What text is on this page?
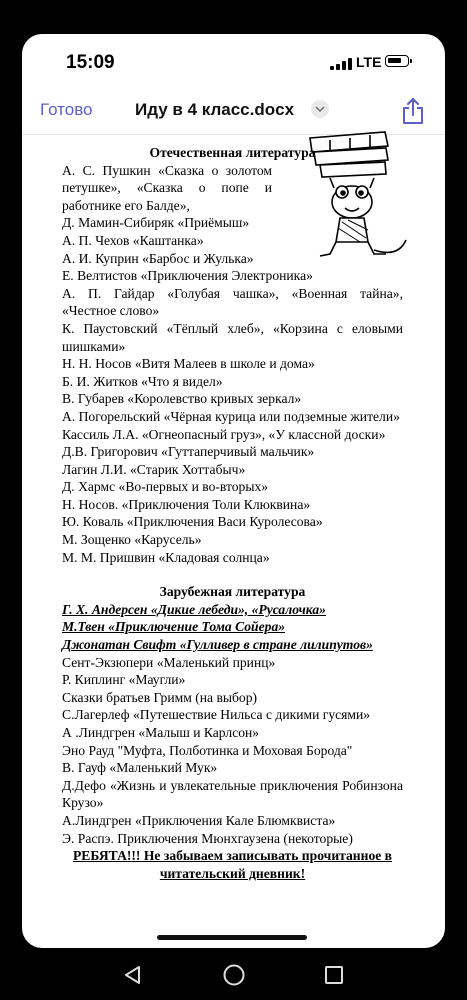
15:09	LTE
Готово	Иду в 4 класс.docx
Отечественная литература
А. С. Пушкин «Сказка о золотом
петушке», «Сказка о попе и
работнике его Балде»,
Д. Мамин-Сибиряк «Приёмыш»
А. П. Чехов «Каштанка»
А. И. Куприн «Барбос и Жулька»
Е. Велтистов «Приключения Электроника»
А. П. Гайдар «Голубая чашка», «Военная тайна», «Честное слово»
К. Паустовский «Тёплый хлеб», «Корзина с еловыми шишками»
Н. Н. Носов «Витя Малеев в школе и дома»
Б. И. Житков «Что я видел»
В. Губарев «Королевство кривых зеркал»
А. Погорельский «Чёрная курица или подземные жители»
Кассиль Л.А. «Огнеопасный груз», «У классной доски»
Д.В. Григорович «Гуттаперчивый мальчик»
Лагин Л.И. «Старик Хоттабыч»
Д. Хармс «Во-первых и во-вторых»
Н. Носов. «Приключения Толи Клюквина»
Ю. Коваль «Приключения Васи Куролесова»
М. Зощенко «Карусель»
М. М. Пришвин «Кладовая солнца»
Зарубежная литература
Г. Х. Андерсен «Дикие лебеди», «Русалочка»
М.Твен «Приключение Тома Сойера»
Джонатан Свифт «Гулливер в стране лилипутов»
Сент-Экзюпери «Маленький принц»
Р. Киплинг «Маугли»
Сказки братьев Гримм (на выбор)
С.Лагерлеф «Путешествие Нильса с дикими гусями»
А .Линдгрен «Малыш и Карлсон»
Эно Рауд "Муфта, Полботинка и Моховая Борода"
В. Гауф «Маленький Мук»
Д.Дефо «Жизнь и увлекательные приключения Робинзона Крузо»
А.Линдгрен «Приключения Кале Блюмквиста»
Э. Распэ. Приключения Мюнхгаузена (некоторые)
РЕБЯТА!!! Не забываем записывать прочитанное в читательский дневник!
